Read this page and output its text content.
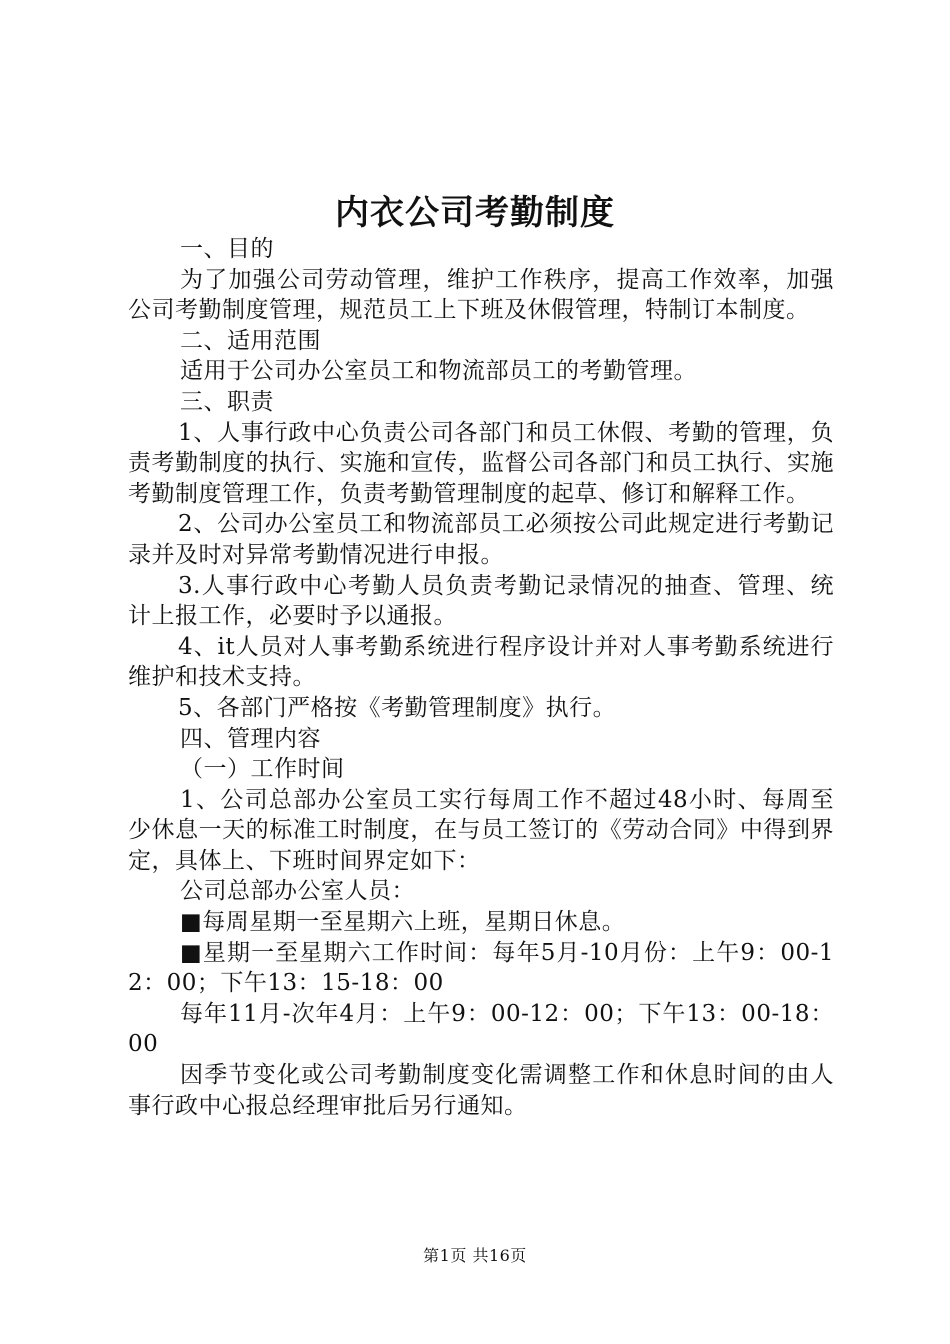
内衣公司考勤制度

一、目的

为了加强公司劳动管理，维护工作秩序，提高工作效率，加强公司考勤制度管理，规范员工上下班及休假管理，特制订本制度。

二、适用范围

适用于公司办公室员工和物流部员工的考勤管理。

三、职责

1、人事行政中心负责公司各部门和员工休假、考勤的管理，负责考勤制度的执行、实施和宣传，监督公司各部门和员工执行、实施考勤制度管理工作，负责考勤管理制度的起草、修订和解释工作。

2、公司办公室员工和物流部员工必须按公司此规定进行考勤记录并及时对异常考勤情况进行申报。

3.人事行政中心考勤人员负责考勤记录情况的抽查、管理、统计上报工作，必要时予以通报。

4、it人员对人事考勤系统进行程序设计并对人事考勤系统进行维护和技术支持。

5、各部门严格按《考勤管理制度》执行。

四、管理内容

（一）工作时间

1、公司总部办公室员工实行每周工作不超过48小时、每周至少休息一天的标准工时制度，在与员工签订的《劳动合同》中得到界定，具体上、下班时间界定如下：

公司总部办公室人员：

■每周星期一至星期六上班，星期日休息。

■星期一至星期六工作时间：每年5月-10月份：上午9：00-12：00；下午13：15-18：00

每年11月-次年4月：上午9：00-12：00；下午13：00-18：00

因季节变化或公司考勤制度变化需调整工作和休息时间的由人事行政中心报总经理审批后另行通知。

第1页 共16页
